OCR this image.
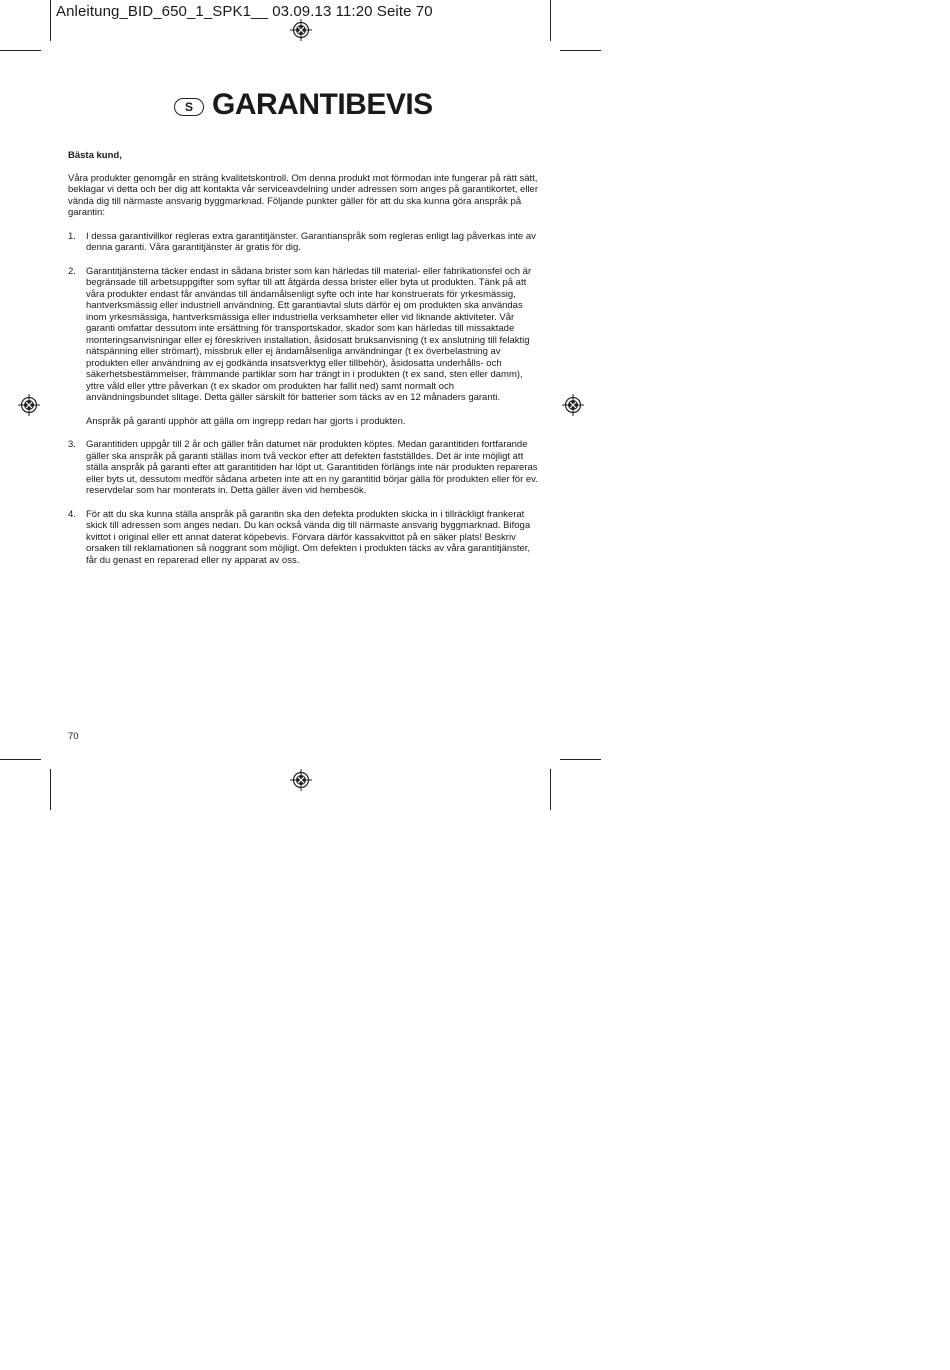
Anleitung_BID_650_1_SPK1__ 03.09.13 11:20 Seite 70
S GARANTIBEVIS

Bästa kund,

Våra produkter genomgår en sträng kvalitetskontroll. Om denna produkt mot förmodan inte fungerar på rätt sätt, beklagar vi detta och ber dig att kontakta vår serviceavdelning under adressen som anges på garantikortet, eller vända dig till närmaste ansvarig byggmarknad. Följande punkter gäller för att du ska kunna göra anspråk på garantin:

1.	I dessa garantivillkor regleras extra garantitjänster. Garantianspråk som regleras enligt lag påverkas inte av denna garanti. Våra garantitjänster är gratis för dig.

2.	Garantitjänsterna täcker endast in sådana brister som kan härledas till material- eller fabrikationsfel och är begränsade till arbetsuppgifter som syftar till att åtgärda dessa brister eller byta ut produkten. Tänk på att våra produkter endast får användas till ändamålsenligt syfte och inte har konstruerats för yrkesmässig, hantverksmässig eller industriell användning. Ett garantiavtal sluts därför ej om produkten ska användas inom yrkesmässiga, hantverksmässiga eller industriella verksamheter eller vid liknande aktiviteter. Vår garanti omfattar dessutom inte ersättning för transportskador, skador som kan härledas till missaktade monteringsanvisningar eller ej föreskriven installation, åsidosatt bruksanvisning (t ex anslutning till felaktig nätspänning eller strömart), missbruk eller ej ändamålsenliga användningar (t ex överbelastning av produkten eller användning av ej godkända insatsverktyg eller tillbehör), åsidosatta underhålls- och säkerhetsbestämmelser, främmande partiklar som har trängt in i produkten (t ex sand, sten eller damm), yttre våld eller yttre påverkan (t ex skador om produkten har fallit ned) samt normalt och användningsbundet slitage. Detta gäller särskilt för batterier som täcks av en 12 månaders garanti.

Anspråk på garanti upphör att gälla om ingrepp redan har gjorts i produkten.

3.	Garantitiden uppgår till 2 år och gäller från datumet när produkten köptes. Medan garantitiden fortfarande gäller ska anspråk på garanti ställas inom två veckor efter att defekten fastställdes. Det är inte möjligt att ställa anspråk på garanti efter att garantitiden har löpt ut. Garantitiden förlängs inte när produkten repareras eller byts ut, dessutom medför sådana arbeten inte att en ny garantitid börjar gälla för produkten eller för ev. reservdelar som har monterats in. Detta gäller även vid hembesök.

4.	För att du ska kunna ställa anspråk på garantin ska den defekta produkten skicka in i tillräckligt frankerat skick till adressen som anges nedan. Du kan också vända dig till närmaste ansvarig byggmarknad. Bifoga kvittot i original eller ett annat daterat köpebevis. Förvara därför kassakvittot på en säker plats! Beskriv orsaken till reklamationen så noggrant som möjligt. Om defekten i produkten täcks av våra garantitjänster, får du genast en reparerad eller ny apparat av oss.

70
